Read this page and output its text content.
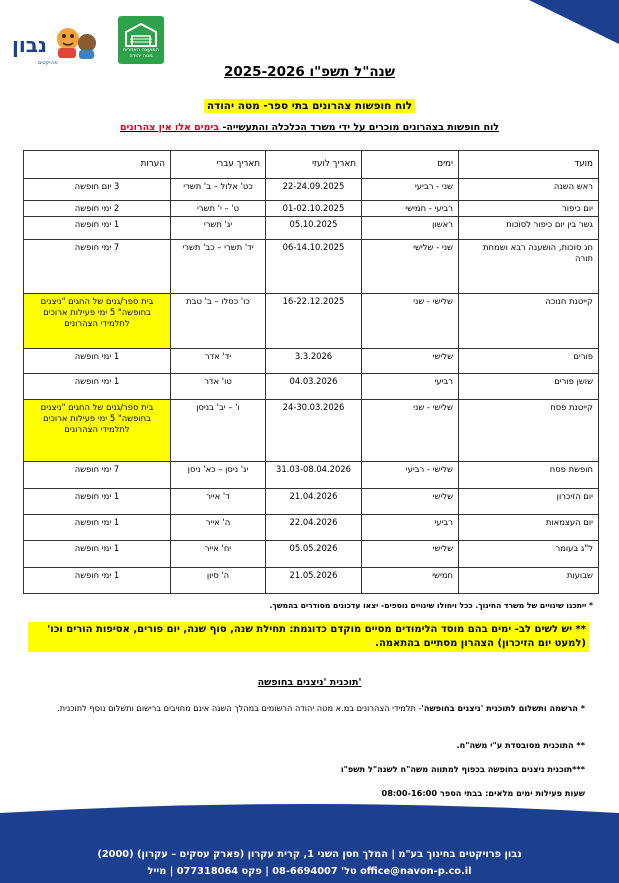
נבון
פרויקטים
המועצה האזורית מטה יהודה
שנה"ל תשפ"ו 2025-2026
לוח חופשות צהרונים בתי ספר- מטה יהודה
לוח חופשות בצהרונים מוכרים על ידי משרד הכלכלה והתעשייה- בימים אלו אין צהרונים
מועד	ימים	תאריך לועזי	תאריך עברי	הערות
ראש השנה	שני - רביעי	22-24.09.2025	כט' אלול – ב' תשרי	3 יום חופשה
יום כיפור	רביעי - חמישי	01-02.10.2025	ט' – י' תשרי	2 ימי חופשה
גשר בין יום כיפור לסוכות	ראשון	05.10.2025	יג' תשרי	1 ימי חופשה
חג סוכות, הושענה רבא ושמחת תורה	שני - שלישי	06-14.10.2025	יד' תשרי – כב' תשרי	7 ימי חופשה
קייטנת חנוכה	שלישי - שני	16-22.12.2025	כו' כסלו – ב' טבת	בית ספר/גנים של החגים "ניצנים בחופשה" 5 ימי פעילות ארוכים לתלמידי הצהרונים
פורים	שלישי	3.3.2026	יד' אדר	1 ימי חופשה
שושן פורים	רביעי	04.03.2026	טו' אדר	1 ימי חופשה
קייטנת פסח	שלישי - שני	24-30.03.2026	ו' – יב' בניסן	בית ספר/גנים של החגים "ניצנים בחופשה" 5 ימי פעילות ארוכים לתלמידי הצהרונים
חופשת פסח	שלישי - רביעי	31.03-08.04.2026	יג' ניסן – כא' ניסן	7 ימי חופשה
יום הזיכרון	שלישי	21.04.2026	ד' אייר	1 ימי חופשה
יום העצמאות	רביעי	22.04.2026	ה' אייר	1 ימי חופשה
ל"ג בעומר	שלישי	05.05.2026	יח' אייר	1 ימי חופשה
שבועות	חמישי	21.05.2026	ה' סיון	1 ימי חופשה
* ייתכנו שינויים של משרד החינוך. ככל ויחולו שינויים נוספים- יצאו עדכונים מסודרים בהמשך.
** יש לשים לב- ימים בהם מוסד הלימודים מסיים מוקדם כדוגמת: תחילת שנה, סוף שנה, יום פורים, אסיפות הורים וכו' (למעט יום הזיכרון) הצהרון מסתיים בהתאמה.
תוכנית 'ניצנים בחופשה'
* הרשמה ותשלום לתוכנית 'ניצנים בחופשה'- תלמידי הצהרונים במ.א מטה יהודה הרשומים במהלך השנה אינם מחויבים ברישום ותשלום נוסף לתוכנית.
** התוכנית מסובסדת ע"י משה"ח.
***תוכנית ניצנים בחופשה בכפוף למתווה משה"ח לשנה"ל תשפ"ו
שעות פעילות ימים מלאים: בבתי הספר 08:00-16:00
נבון פרויקטים בחינוך בע"מ | המלך חסן השני 1, קרית עקרון (פארק עסקים – עקרון) (2000)
טל' 08-6694007 | פקס 077318064 | מייל office@navon-p.co.il
